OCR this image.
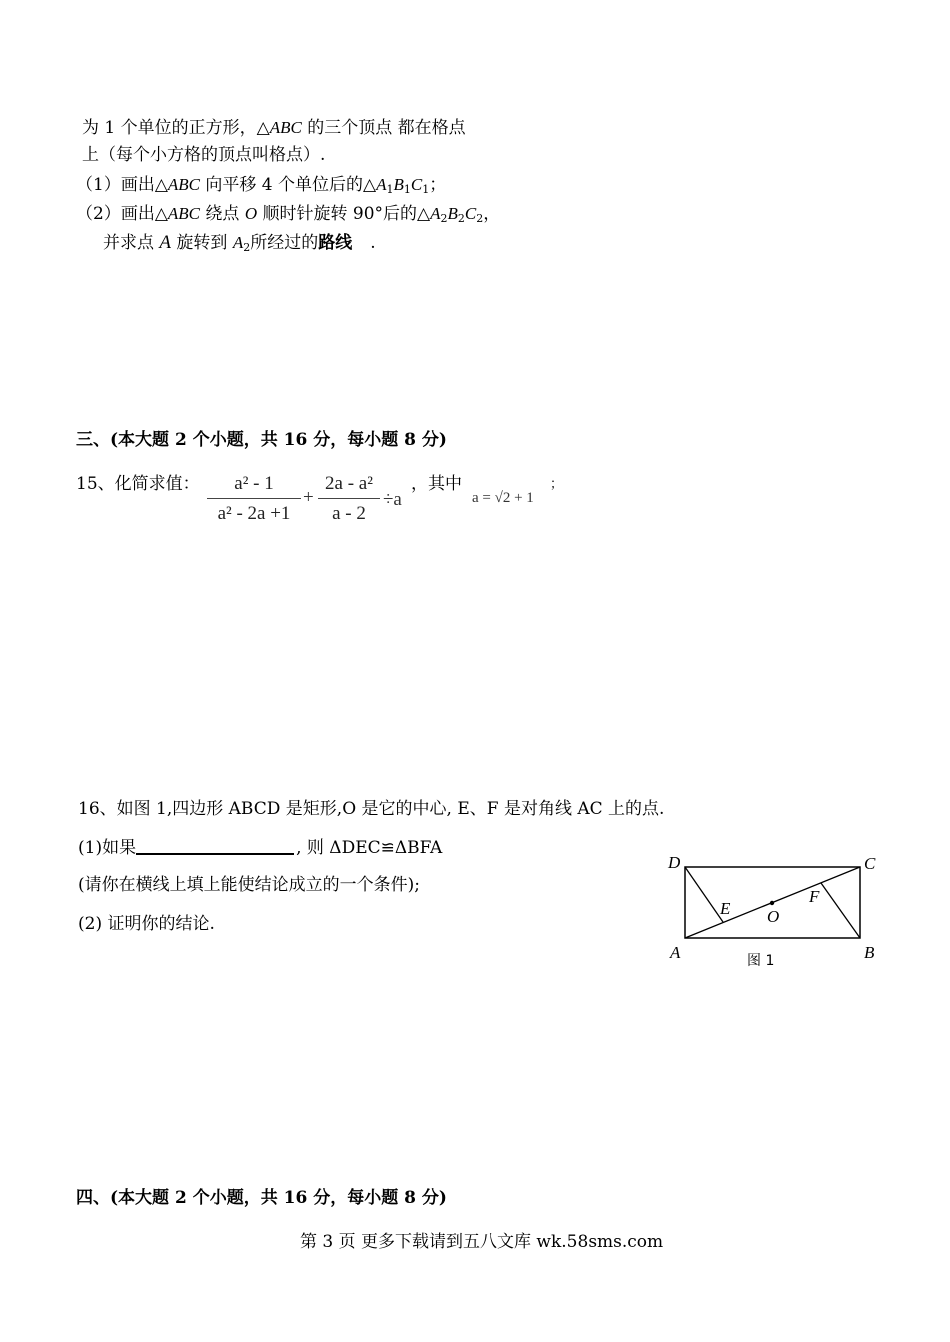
为 1 个单位的正方形，△ABC 的三个顶点 都在格点
上（每个小方格的顶点叫格点）.
（1）画出△ABC 向平移 4 个单位后的$\triangle A_1B_1C_1$；
（2）画出△ABC 绕点 O 顺时针旋转 90°后的$\triangle A_2B_2C_2$，
并求点 A 旋转到 $A_2$所经过的路线 .
三、(本大题 2 个小题，共 16 分，每小题 8 分)
15、化简求值：	a² - 1
a² - 2a +1
+
2a - a²
a - 2
÷a
，其中
a = √2 + 1
；
16、如图 1,四边形 ABCD 是矩形,O 是它的中心, E、F 是对角线 AC 上的点.
(1)如果	, 则 ΔDEC≌ΔBFA
(请你在横线上填上能使结论成立的一个条件);
(2) 证明你的结论.
D	C
A	B
E
F
O
图 1
四、(本大题 2 个小题，共 16 分，每小题 8 分)
第 3 页 更多下载请到五八文库 wk.58sms.com
